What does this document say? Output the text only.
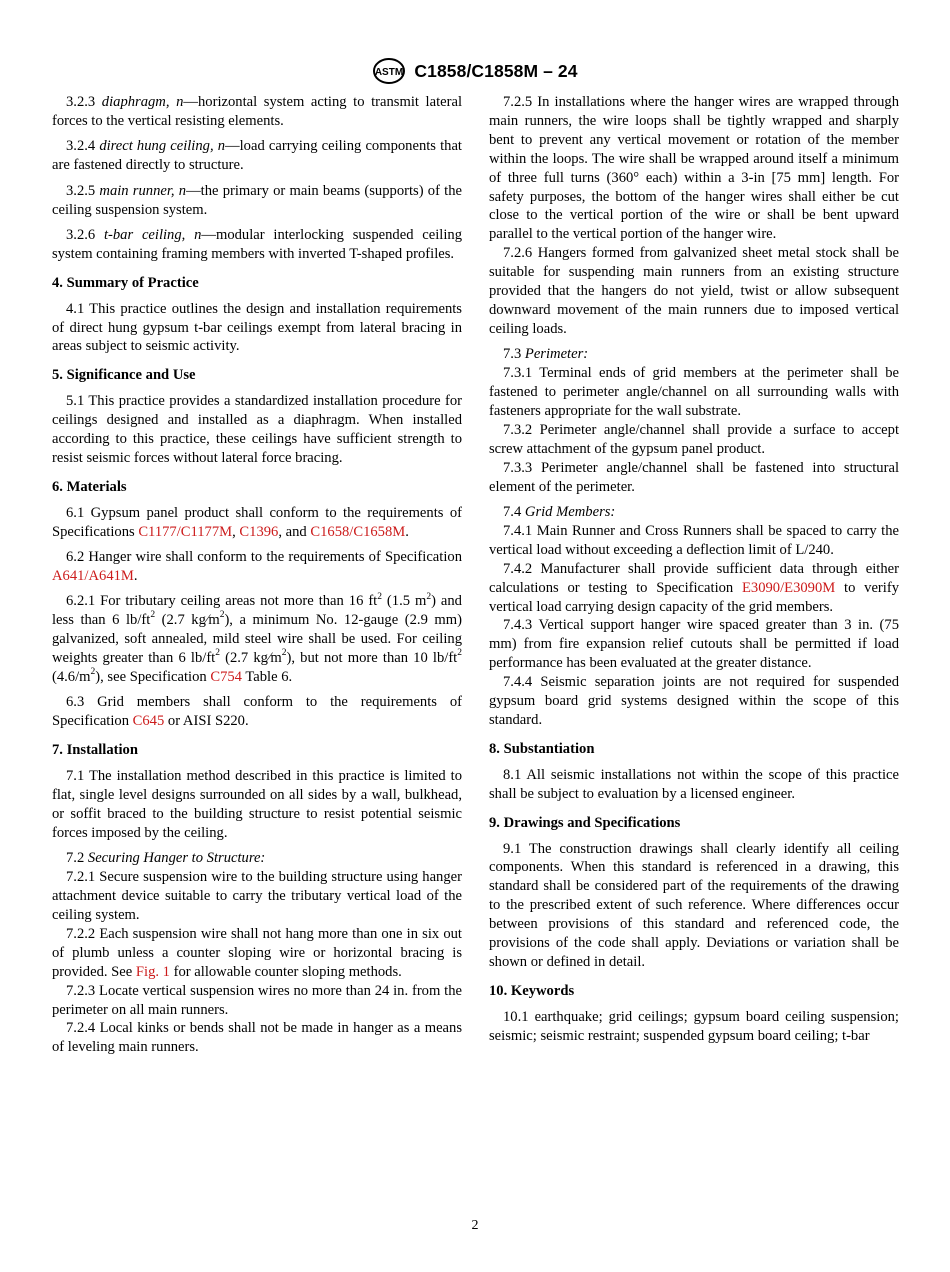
ASTM C1858/C1858M – 24

3.2.3 diaphragm, n—horizontal system acting to transmit lateral forces to the vertical resisting elements.

3.2.4 direct hung ceiling, n—load carrying ceiling components that are fastened directly to structure.

3.2.5 main runner, n—the primary or main beams (supports) of the ceiling suspension system.

3.2.6 t-bar ceiling, n—modular interlocking suspended ceiling system containing framing members with inverted T-shaped profiles.

4. Summary of Practice

4.1 This practice outlines the design and installation requirements of direct hung gypsum t-bar ceilings exempt from lateral bracing in areas subject to seismic activity.

5. Significance and Use

5.1 This practice provides a standardized installation procedure for ceilings designed and installed as a diaphragm. When installed according to this practice, these ceilings have sufficient strength to resist seismic forces without lateral force bracing.

6. Materials

6.1 Gypsum panel product shall conform to the requirements of Specifications C1177/C1177M, C1396, and C1658/C1658M.

6.2 Hanger wire shall conform to the requirements of Specification A641/A641M.

6.2.1 For tributary ceiling areas not more than 16 $ft^2$ (1.5 $m^2$) and less than 6 $lb/ft^2$ (2.7 $kg⁄m^2$), a minimum No. 12-gauge (2.9 mm) galvanized, soft annealed, mild steel wire shall be used. For ceiling weights greater than 6 $lb/ft^2$ (2.7 $kg⁄m^2$), but not more than 10 $lb/ft^2$ $(4.6/m^2)$, see Specification C754 Table 6.

6.3 Grid members shall conform to the requirements of Specification C645 or AISI S220.

7. Installation

7.1 The installation method described in this practice is limited to flat, single level designs surrounded on all sides by a wall, bulkhead, or soffit braced to the building structure to resist potential seismic forces imposed by the ceiling.

7.2 Securing Hanger to Structure:

7.2.1 Secure suspension wire to the building structure using hanger attachment device suitable to carry the tributary vertical load of the ceiling system.

7.2.2 Each suspension wire shall not hang more than one in six out of plumb unless a counter sloping wire or horizontal bracing is provided. See Fig. 1 for allowable counter sloping methods.

7.2.3 Locate vertical suspension wires no more than 24 in. from the perimeter on all main runners.

7.2.4 Local kinks or bends shall not be made in hanger as a means of leveling main runners.

7.2.5 In installations where the hanger wires are wrapped through main runners, the wire loops shall be tightly wrapped and sharply bent to prevent any vertical movement or rotation of the member within the loops. The wire shall be wrapped around itself a minimum of three full turns (360° each) within a 3-in [75 mm] length. For safety purposes, the bottom of the hanger wires shall either be cut close to the vertical portion of the wire or shall be bent upward parallel to the vertical portion of the hanger wire.

7.2.6 Hangers formed from galvanized sheet metal stock shall be suitable for suspending main runners from an existing structure provided that the hangers do not yield, twist or allow subsequent downward movement of the main runners due to imposed vertical ceiling loads.

7.3 Perimeter:

7.3.1 Terminal ends of grid members at the perimeter shall be fastened to perimeter angle/channel on all surrounding walls with fasteners appropriate for the wall substrate.

7.3.2 Perimeter angle/channel shall provide a surface to accept screw attachment of the gypsum panel product.

7.3.3 Perimeter angle/channel shall be fastened into structural element of the perimeter.

7.4 Grid Members:

7.4.1 Main Runner and Cross Runners shall be spaced to carry the vertical load without exceeding a deflection limit of L/240.

7.4.2 Manufacturer shall provide sufficient data through either calculations or testing to Specification E3090/E3090M to verify vertical load carrying design capacity of the grid members.

7.4.3 Vertical support hanger wire spaced greater than 3 in. (75 mm) from fire expansion relief cutouts shall be permitted if load performance has been evaluated at the greater distance.

7.4.4 Seismic separation joints are not required for suspended gypsum board grid systems designed within the scope of this standard.

8. Substantiation

8.1 All seismic installations not within the scope of this practice shall be subject to evaluation by a licensed engineer.

9. Drawings and Specifications

9.1 The construction drawings shall clearly identify all ceiling components. When this standard is referenced in a drawing, this standard shall be considered part of the requirements of the drawing to the prescribed extent of such reference. Where differences occur between provisions of this standard and referenced code, the provisions of the code shall apply. Deviations or variation shall be shown or defined in detail.

10. Keywords

10.1 earthquake; grid ceilings; gypsum board ceiling suspension; seismic; seismic restraint; suspended gypsum board ceiling; t-bar

2
